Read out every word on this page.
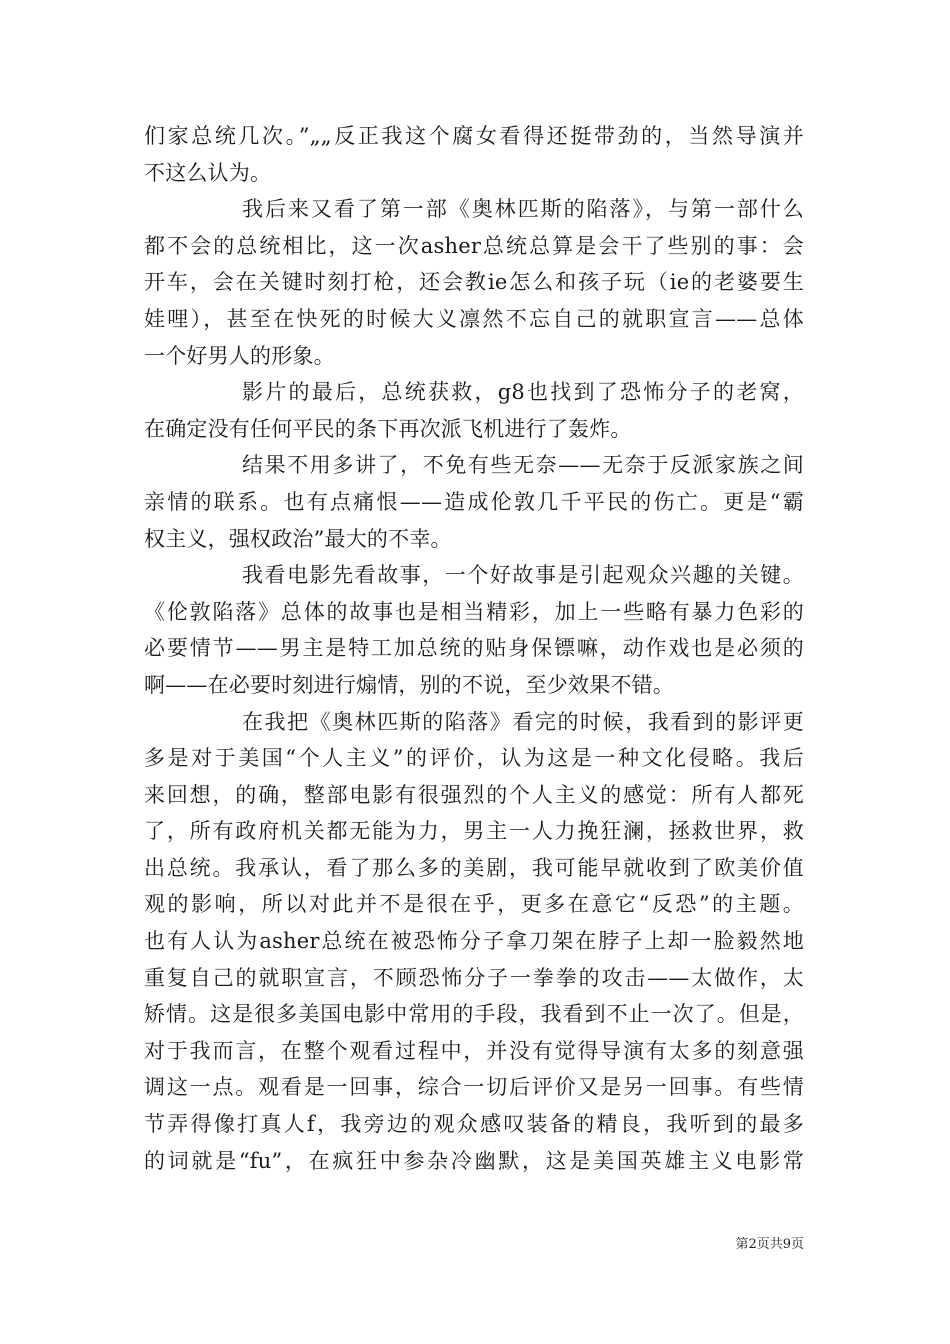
们家总统几次。”„„反正我这个腐女看得还挺带劲的，当然导演并
不这么认为。
我后来又看了第一部《奥林匹斯的陷落》，与第一部什么
都不会的总统相比，这一次asher总统总算是会干了些别的事：会
开车，会在关键时刻打枪，还会教ie怎么和孩子玩（ie的老婆要生
娃哩），甚至在快死的时候大义凛然不忘自己的就职宣言——总体
一个好男人的形象。
影片的最后，总统获救，g8也找到了恐怖分子的老窝，
在确定没有任何平民的条下再次派飞机进行了轰炸。
结果不用多讲了，不免有些无奈——无奈于反派家族之间
亲情的联系。也有点痛恨——造成伦敦几千平民的伤亡。更是“霸
权主义，强权政治”最大的不幸。
我看电影先看故事，一个好故事是引起观众兴趣的关键。
《伦敦陷落》总体的故事也是相当精彩，加上一些略有暴力色彩的
必要情节——男主是特工加总统的贴身保镖嘛，动作戏也是必须的
啊——在必要时刻进行煽情，别的不说，至少效果不错。
在我把《奥林匹斯的陷落》看完的时候，我看到的影评更
多是对于美国“个人主义”的评价，认为这是一种文化侵略。我后
来回想，的确，整部电影有很强烈的个人主义的感觉：所有人都死
了，所有政府机关都无能为力，男主一人力挽狂澜，拯救世界，救
出总统。我承认，看了那么多的美剧，我可能早就收到了欧美价值
观的影响，所以对此并不是很在乎，更多在意它“反恐”的主题。
也有人认为asher总统在被恐怖分子拿刀架在脖子上却一脸毅然地
重复自己的就职宣言，不顾恐怖分子一拳拳的攻击——太做作，太
矫情。这是很多美国电影中常用的手段，我看到不止一次了。但是，
对于我而言，在整个观看过程中，并没有觉得导演有太多的刻意强
调这一点。观看是一回事，综合一切后评价又是另一回事。有些情
节弄得像打真人f，我旁边的观众感叹装备的精良，我听到的最多
的词就是“fu”，在疯狂中参杂冷幽默，这是美国英雄主义电影常
第2页共9页
